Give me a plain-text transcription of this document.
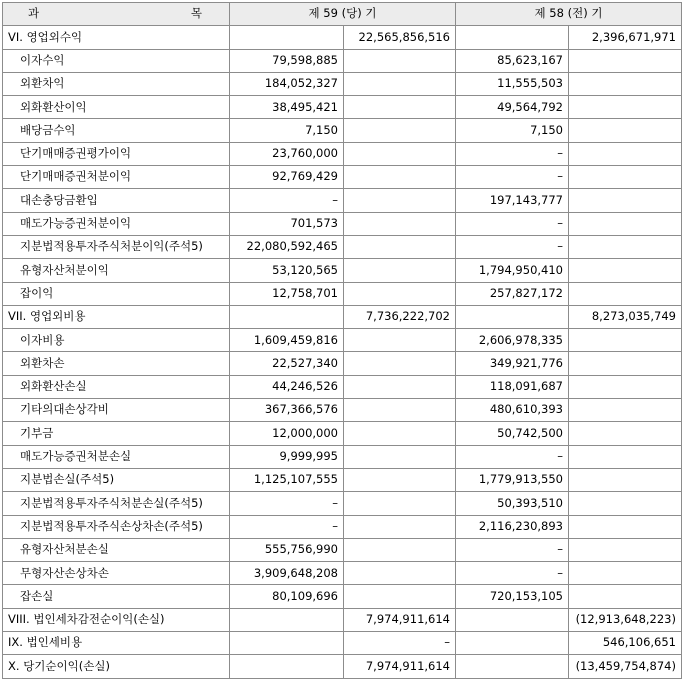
과 목	제 59 (당) 기		제 58 (전) 기	
VI. 영업외수익		22,565,856,516		2,396,671,971
이자수익	79,598,885		85,623,167	
외환차익	184,052,327		11,555,503	
외화환산이익	38,495,421		49,564,792	
배당금수익	7,150		7,150	
단기매매증권평가이익	23,760,000		–	
단기매매증권처분이익	92,769,429		–	
대손충당금환입	–		197,143,777	
매도가능증권처분이익	701,573		–	
지분법적용투자주식처분이익(주석5)	22,080,592,465		–	
유형자산처분이익	53,120,565		1,794,950,410	
잡이익	12,758,701		257,827,172	
VII. 영업외비용		7,736,222,702		8,273,035,749
이자비용	1,609,459,816		2,606,978,335	
외환차손	22,527,340		349,921,776	
외화환산손실	44,246,526		118,091,687	
기타의대손상각비	367,366,576		480,610,393	
기부금	12,000,000		50,742,500	
매도가능증권처분손실	9,999,995		–	
지분법손실(주석5)	1,125,107,555		1,779,913,550	
지분법적용투자주식처분손실(주석5)	–		50,393,510	
지분법적용투자주식손상차손(주석5)	–		2,116,230,893	
유형자산처분손실	555,756,990		–	
무형자산손상차손	3,909,648,208		–	
잡손실	80,109,696		720,153,105	
VIII. 법인세차감전순이익(손실)		7,974,911,614		(12,913,648,223)
IX. 법인세비용		–		546,106,651
X. 당기순이익(손실)		7,974,911,614		(13,459,754,874)
